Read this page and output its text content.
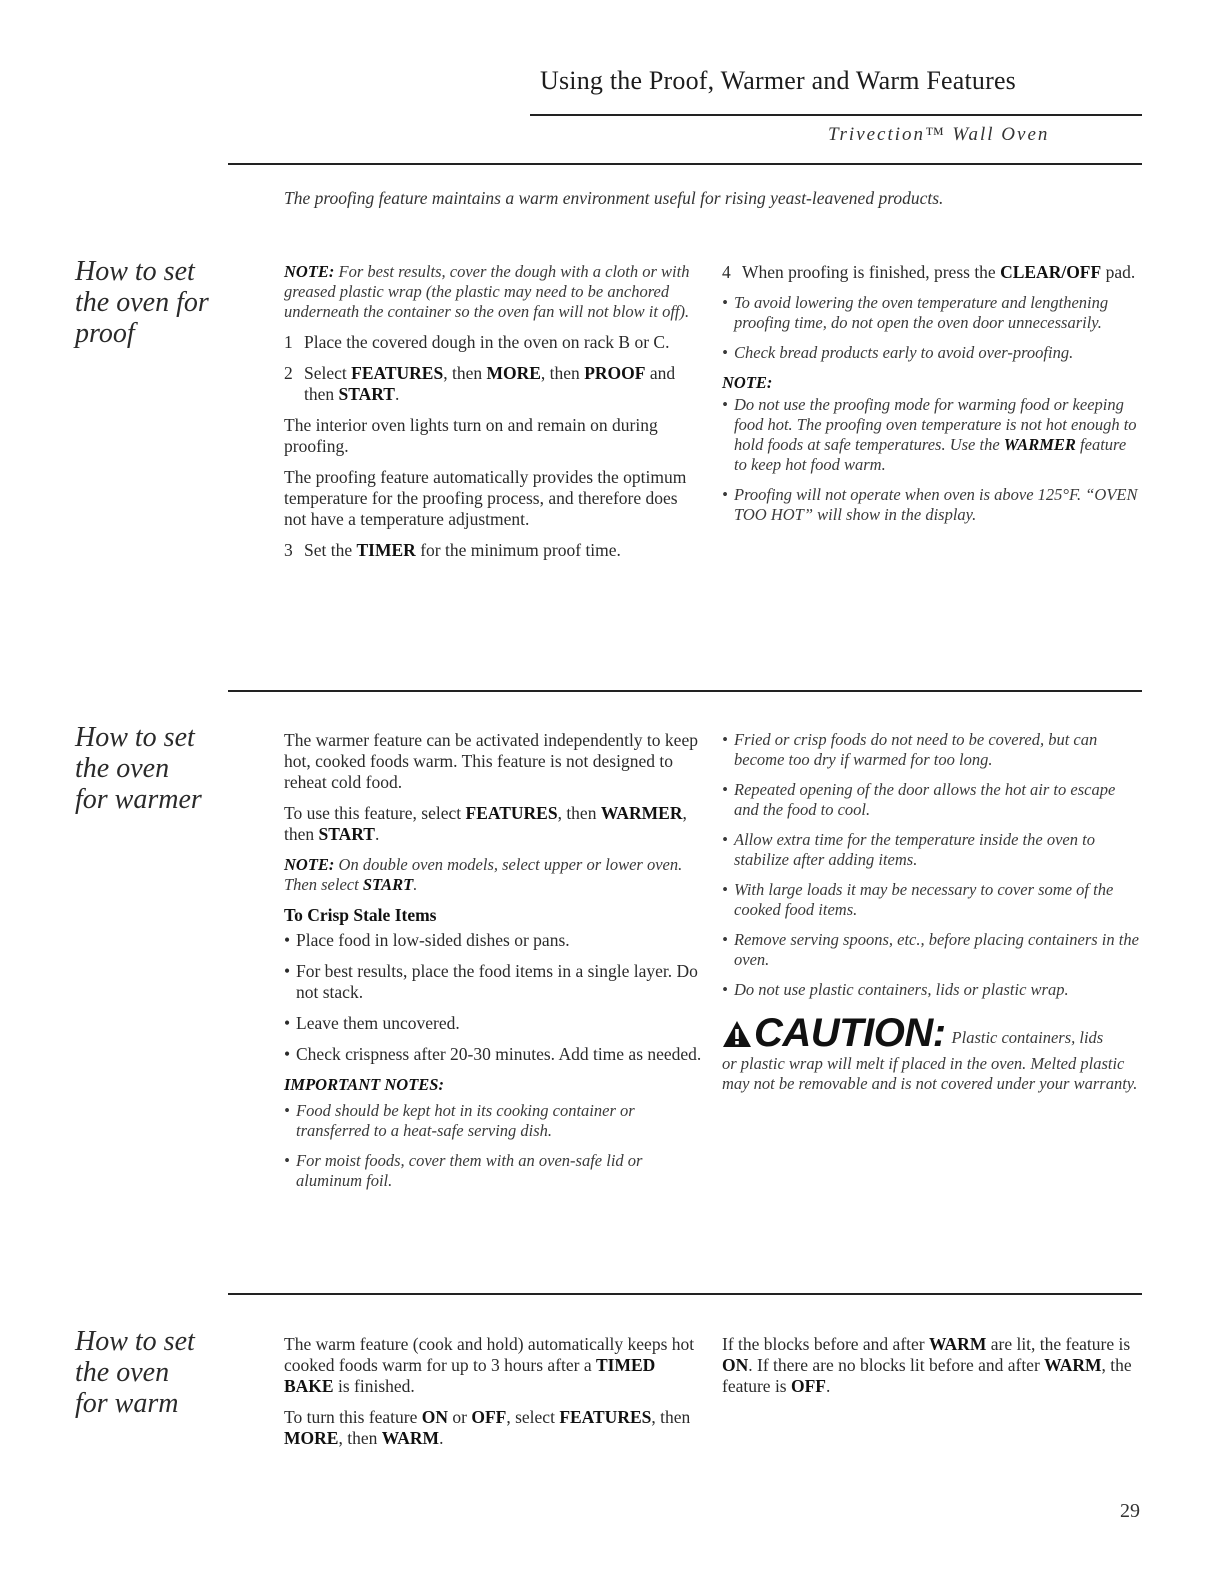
Using the Proof, Warmer and Warm Features
Trivection™ Wall Oven
The proofing feature maintains a warm environment useful for rising yeast-leavened products.
How to set
the oven for
proof

NOTE: For best results, cover the dough with a cloth or with greased plastic wrap (the plastic may need to be anchored underneath the container so the oven fan will not blow it off).

1 Place the covered dough in the oven on rack B or C.
2 Select FEATURES, then MORE, then PROOF and then START.

The interior oven lights turn on and remain on during proofing.

The proofing feature automatically provides the optimum temperature for the proofing process, and therefore does not have a temperature adjustment.

3 Set the TIMER for the minimum proof time.
4 When proofing is finished, press the CLEAR/OFF pad.
• To avoid lowering the oven temperature and lengthening proofing time, do not open the oven door unnecessarily.
• Check bread products early to avoid over-proofing.
NOTE:
• Do not use the proofing mode for warming food or keeping food hot. The proofing oven temperature is not hot enough to hold foods at safe temperatures. Use the WARMER feature to keep hot food warm.
• Proofing will not operate when oven is above 125°F. “OVEN TOO HOT” will show in the display.
How to set
the oven
for warmer

The warmer feature can be activated independently to keep hot, cooked foods warm. This feature is not designed to reheat cold food.

To use this feature, select FEATURES, then WARMER, then START.

NOTE: On double oven models, select upper or lower oven. Then select START.

To Crisp Stale Items
• Place food in low-sided dishes or pans.
• For best results, place the food items in a single layer. Do not stack.
• Leave them uncovered.
• Check crispness after 20-30 minutes. Add time as needed.
IMPORTANT NOTES:
• Food should be kept hot in its cooking container or transferred to a heat-safe serving dish.
• For moist foods, cover them with an oven-safe lid or aluminum foil.
• Fried or crisp foods do not need to be covered, but can become too dry if warmed for too long.
• Repeated opening of the door allows the hot air to escape and the food to cool.
• Allow extra time for the temperature inside the oven to stabilize after adding items.
• With large loads it may be necessary to cover some of the cooked food items.
• Remove serving spoons, etc., before placing containers in the oven.
• Do not use plastic containers, lids or plastic wrap.
CAUTION: Plastic containers, lids
or plastic wrap will melt if placed in the oven. Melted plastic may not be removable and is not covered under your warranty.
How to set
the oven
for warm

The warm feature (cook and hold) automatically keeps hot cooked foods warm for up to 3 hours after a TIMED BAKE is finished.

To turn this feature ON or OFF, select FEATURES, then MORE, then WARM.

If the blocks before and after WARM are lit, the feature is ON. If there are no blocks lit before and after WARM, the feature is OFF.

29
